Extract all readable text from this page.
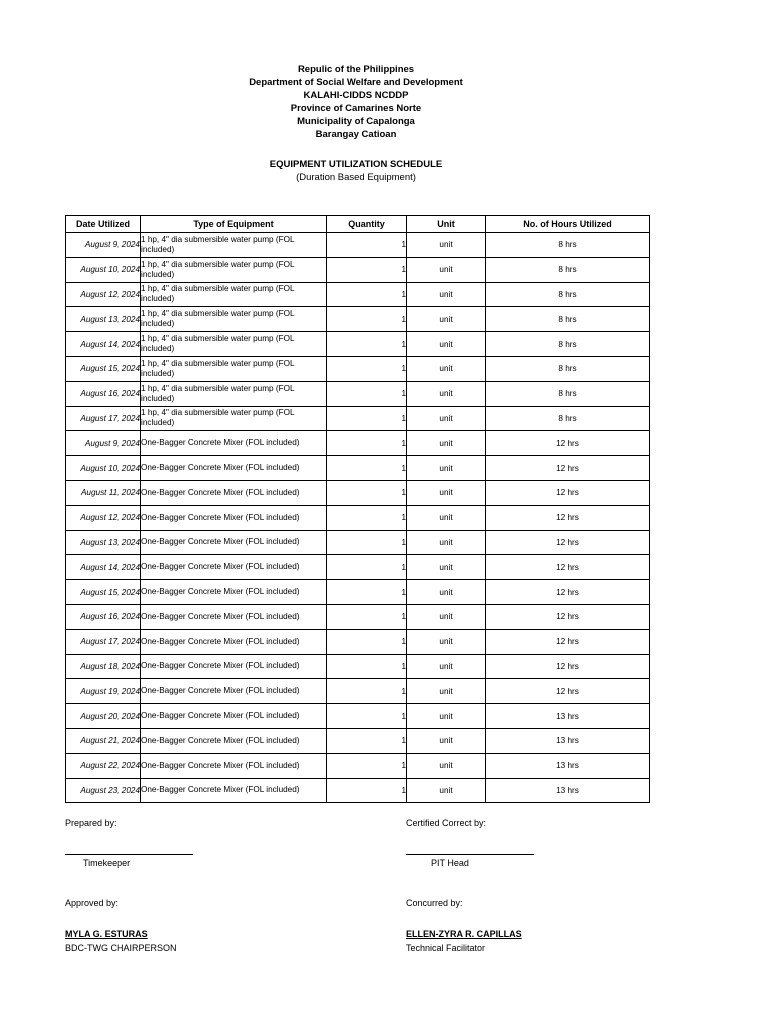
Repulic of the Philippines
Department of Social Welfare and Development
KALAHI-CIDDS NCDDP
Province of Camarines Norte
Municipality of Capalonga
Barangay Catioan
EQUIPMENT UTILIZATION SCHEDULE
(Duration Based Equipment)
Date Utilized	Type of Equipment	Quantity	Unit	No. of Hours Utilized
August 9, 2024	1 hp, 4" dia submersible water pump (FOL included)	1	unit	8 hrs
August 10, 2024	1 hp, 4" dia submersible water pump (FOL included)	1	unit	8 hrs
August 12, 2024	1 hp, 4" dia submersible water pump (FOL included)	1	unit	8 hrs
August 13, 2024	1 hp, 4" dia submersible water pump (FOL included)	1	unit	8 hrs
August 14, 2024	1 hp, 4" dia submersible water pump (FOL included)	1	unit	8 hrs
August 15, 2024	1 hp, 4" dia submersible water pump (FOL included)	1	unit	8 hrs
August 16, 2024	1 hp, 4" dia submersible water pump (FOL included)	1	unit	8 hrs
August 17, 2024	1 hp, 4" dia submersible water pump (FOL included)	1	unit	8 hrs
August 9, 2024	One-Bagger Concrete Mixer (FOL included)	1	unit	12 hrs
August 10, 2024	One-Bagger Concrete Mixer (FOL included)	1	unit	12 hrs
August 11, 2024	One-Bagger Concrete Mixer (FOL included)	1	unit	12 hrs
August 12, 2024	One-Bagger Concrete Mixer (FOL included)	1	unit	12 hrs
August 13, 2024	One-Bagger Concrete Mixer (FOL included)	1	unit	12 hrs
August 14, 2024	One-Bagger Concrete Mixer (FOL included)	1	unit	12 hrs
August 15, 2024	One-Bagger Concrete Mixer (FOL included)	1	unit	12 hrs
August 16, 2024	One-Bagger Concrete Mixer (FOL included)	1	unit	12 hrs
August 17, 2024	One-Bagger Concrete Mixer (FOL included)	1	unit	12 hrs
August 18, 2024	One-Bagger Concrete Mixer (FOL included)	1	unit	12 hrs
August 19, 2024	One-Bagger Concrete Mixer (FOL included)	1	unit	12 hrs
August 20, 2024	One-Bagger Concrete Mixer (FOL included)	1	unit	13 hrs
August 21, 2024	One-Bagger Concrete Mixer (FOL included)	1	unit	13 hrs
August 22, 2024	One-Bagger Concrete Mixer (FOL included)	1	unit	13 hrs
August 23, 2024	One-Bagger Concrete Mixer (FOL included)	1	unit	13 hrs
Prepared by:
Timekeeper
Certified Correct by:
PIT Head
Approved by:
MYLA G. ESTURAS
BDC-TWG CHAIRPERSON
Concurred by:
ELLEN-ZYRA R. CAPILLAS
Technical Facilitator
